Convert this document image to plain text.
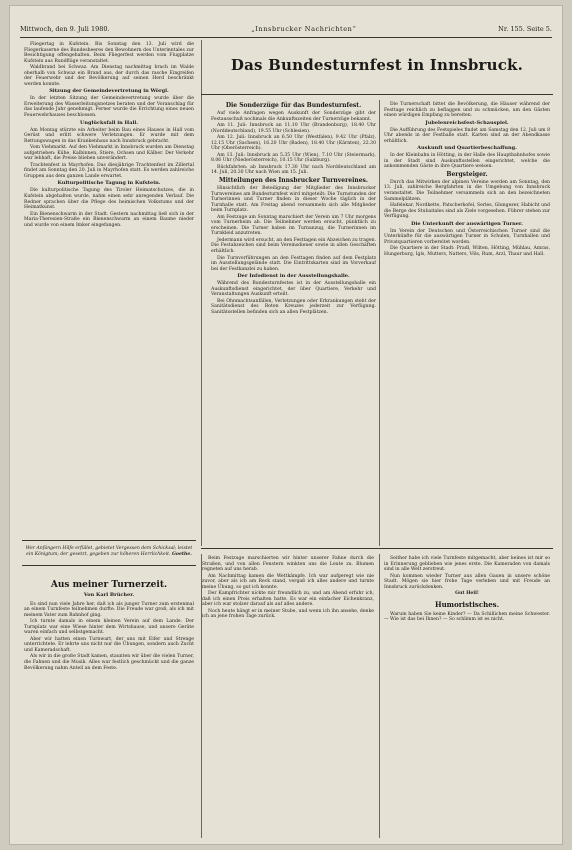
Mittwoch, den 9. Juli 1980.	„Innsbrucker Nachrichten“	Nr. 155. Seite 5.
Das Bundesturnfest in Innsbruck.

Fliegertag in Kufstein. Bis Sonntag den 13. Juli wird die Fliegerkaserne des Bundesheeres den Bewohnern des Unterinntales zur Besichtigung offengehalten. Beim Fliegerfest werden vom Flugplatze Kufstein aus Rundflüge veranstaltet.

Waldbrand bei Schwaz. Am Dienstag nachmittag brach im Walde oberhalb von Schwaz ein Brand aus, der durch das rasche Eingreifen der Feuerwehr und der Bevölkerung auf seinen Herd beschränkt werden konnte.

Sitzung der Gemeindevertretung in Wörgl.

In der letzten Sitzung der Gemeindevertretung wurde über die Erweiterung des Wasserleitungsnetzes beraten und der Voranschlag für das laufende Jahr genehmigt. Ferner wurde die Errichtung eines neuen Feuerwehrhauses beschlossen.

Unglücksfall in Hall.

Am Montag stürzte ein Arbeiter beim Bau eines Hauses in Hall vom Gerüst und erlitt schwere Verletzungen. Er wurde mit dem Rettungswagen in das Krankenhaus nach Innsbruck gebracht.

Vom Viehmarkt. Auf den Viehmarkt in Innsbruck wurden am Dienstag aufgetrieben: Kühe, Kalbinnen, Stiere, Ochsen und Kälber. Der Verkehr war lebhaft, die Preise blieben unverändert.

Trachtenfest in Mayrhofen. Das diesjährige Trachtenfest im Zillertal findet am Sonntag den 20. Juli in Mayrhofen statt. Es werden zahlreiche Gruppen aus dem ganzen Lande erwartet.

Kulturpolitische Tagung in Kufstein.

Die kulturpolitische Tagung des Tiroler Heimatschutzes, die in Kufstein abgehalten wurde, nahm einen sehr anregenden Verlauf. Die Redner sprachen über die Pflege des heimischen Volkstums und der Heimatkunst.

Ein Bienenschwarm in der Stadt. Gestern nachmittag ließ sich in der Maria-Theresien-Straße ein Bienenschwarm an einem Baume nieder und wurde von einem Imker eingefangen.

Wer Anfängern Hilfe erfüllet, gebietet Vergessen dem Schicksal; leistet ein Königtum; der gesetzt, gegeben zur höheren Herrlichkeit. Goethe.

Die Sonderzüge für das Bundesturnfest.

Auf viele Anfragen wegen Auskunft der Sonderzüge gibt der Festausschuß nochmals die Ankunftszeiten der Turnerzüge bekannt.

Am 11. Juli: Innsbruck an 11.10 Uhr (Brandenburg), 18.40 Uhr (Norddeutschland), 19.55 Uhr (Schlesien).

Am 12. Juli: Innsbruck an 6.50 Uhr (Westfalen), 9.42 Uhr (Pfalz), 12.15 Uhr (Sachsen), 16.20 Uhr (Baden), 18.40 Uhr (Kärnten), 22.30 Uhr (Oberösterreich).

Am 13. Juli: Innsbruck an 5.35 Uhr (Wien), 7.10 Uhr (Steiermark), 8.06 Uhr (Niederösterreich), 10.15 Uhr (Salzburg).

Rückfahrten: ab Innsbruck 17.30 Uhr nach Norddeutschland am 14. Juli, 20.30 Uhr nach Wien am 15. Juli.

Mitteilungen des Innsbrucker Turnvereines.

Hinsichtlich der Beteiligung der Mitglieder des Innsbrucker Turnvereines am Bundesturnfest wird mitgeteilt: Die Turnstunden der Turnerinnen und Turner finden in dieser Woche täglich in der Turnhalle statt. Am Freitag abend versammeln sich alle Mitglieder beim Turnplatz.

Am Festzuge am Sonntag marschiert der Verein um 7 Uhr morgens vom Turnerheim ab. Die Teilnehmer werden ersucht, pünktlich zu erscheinen. Die Turner haben im Turnanzug, die Turnerinnen im Turnkleid anzutreten.

Jedermann wird ersucht, an den Festtagen ein Abzeichen zu tragen. Die Festabzeichen sind beim Vereinsdiener sowie in allen Geschäften erhältlich.

Die Turnvorführungen an den Festtagen finden auf dem Festplatz im Ausstellungsgelände statt. Die Eintrittskarten sind im Vorverkauf bei der Festkanzlei zu haben.

Der Infodienst in der Ausstellungshalle.

Während des Bundesturnfestes ist in der Ausstellungshalle ein Auskunftsdienst eingerichtet, der über Quartiere, Verkehr und Veranstaltungen Auskunft erteilt.

Bei Ohnmachtsanfällen, Verletzungen oder Erkrankungen steht der Sanitätsdienst des Roten Kreuzes jederzeit zur Verfügung. Sanitätsstellen befinden sich an allen Festplätzen.

Die Turnerschaft bittet die Bevölkerung, die Häuser während der Festtage reichlich zu beflaggen und zu schmücken, um den Gästen einen würdigen Empfang zu bereiten.

Jubelenreichsfest-Schauspiel.

Die Aufführung des Festspieles findet am Samstag den 12. Juli um 8 Uhr abends in der Festhalle statt. Karten sind an der Abendkasse erhältlich.

Auskunft und Quartierbeschaffung.

In der Kleinbahn in Hötting, in der Halle des Hauptbahnhofes sowie in der Stadt sind Auskunftsstellen eingerichtet, welche die ankommenden Gäste in ihre Quartiere weisen.

Bergsteiger.

Durch das Mitwirken der alpinen Vereine werden am Sonntag, den 13. Juli, zahlreiche Bergfahrten in die Umgebung von Innsbruck veranstaltet. Die Teilnehmer versammeln sich an den bezeichneten Sammelplätzen.

Hafelekar, Nordkette, Patscherkofel, Serles, Glungezer, Habicht und die Berge des Stubaitales sind als Ziele vorgesehen. Führer stehen zur Verfügung.

Die Unterkunft der auswärtigen Turner.

Im Verein der Deutschen und Österreichischen Turner sind die Unterkünfte für die auswärtigen Turner in Schulen, Turnhallen und Privatquartieren vorbereitet worden.

Die Quartiere in der Stadt: Pradl, Wilten, Hötting, Mühlau, Amras, Hungerburg, Igls, Mutters, Natters, Völs, Rum, Arzl, Thaur und Hall.

Aus meiner Turnerzeit.
Von Karl Brücher.

Es sind nun viele Jahre her, daß ich als junger Turner zum erstenmal an einem Turnfeste teilnehmen durfte. Die Freude war groß, als ich mit meinem Vater zum Bahnhof ging.

Ich turnte damals in einem kleinen Verein auf dem Lande. Der Turnplatz war eine Wiese hinter dem Wirtshause, und unsere Geräte waren einfach und selbstgemacht.

Aber wir hatten einen Turnwart, der uns mit Eifer und Strenge unterrichtete. Er lehrte uns nicht nur die Übungen, sondern auch Zucht und Kameradschaft.

Als wir in die große Stadt kamen, staunten wir über die vielen Turner, die Fahnen und die Musik. Alles war festlich geschmückt und die ganze Bevölkerung nahm Anteil an dem Feste.

Beim Festzuge marschierten wir hinter unserer Fahne durch die Straßen, und von allen Fenstern winkten uns die Leute zu. Blumen regneten auf uns herab.

Am Nachmittag kamen die Wettkämpfe. Ich war aufgeregt wie nie zuvor, aber als ich am Reck stand, vergaß ich alles andere und turnte meine Übung, so gut ich konnte.

Der Kampfrichter nickte mir freundlich zu, und am Abend erfuhr ich, daß ich einen Preis erhalten hatte. Es war ein einfacher Eichenkranz, aber ich war stolzer darauf als auf alles andere.

Noch heute hängt er in meiner Stube, und wenn ich ihn ansehe, denke ich an jene frohen Tage zurück.

Seither habe ich viele Turnfeste mitgemacht, aber keines ist mir so in Erinnerung geblieben wie jenes erste. Die Kameraden von damals sind in alle Welt zerstreut.

Nun kommen wieder Turner aus allen Gauen in unsere schöne Stadt. Mögen sie hier frohe Tage verleben und mit Freude an Innsbruck zurückdenken.

Gut Heil!

Humoristisches.

Warum haben Sie keine Kinder? — Da Schillichen meine Schwester. — Wie ist das bei Ihnen? — So schlimm ist es nicht.
